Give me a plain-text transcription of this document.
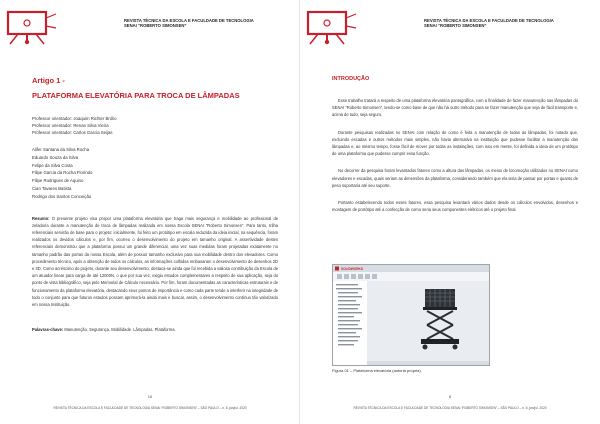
REVISTA TÉCNICA DA ESCOLA E FACULDADE DE TECNOLOGIA
SENAI “ROBERTO SIMONSEN”
Artigo 1 -
PLATAFORMA ELEVATÓRIA PARA TROCA DE LÂMPADAS
Professor orientador: Joaquim Richter Brólio
Professor orientador: Renan Silva Vieira
Professor orientador: Carlos Garcia Seijas
Alifer Santana da Silva Rocha
Eduardo Souza da Silva
Felipe da Silva Costa
Filipe Garcia da Rocha Florindo
Filipe Rodrigues de Aquino
Cian Tavares Batista
Rodrigo dos Santos Conceição
Resumo: O presente projeto visa propor uma plataforma elevatória que traga mais segurança e mobilidade ao profissional de zeladoria durante a manutenção de troca de lâmpadas realizada em nossa Escola SENAI “Roberto Simonsen”. Para tanto, trilha referenciais servirão de base para o projeto: inicialmente, foi feito um protótipo em escala reduzida da ideia inicial, na sequência, foram realizados os devidos cálculos e, por fim, ocorreu o desenvolvimento do projeto em tamanho original. A assertividade destes referenciais demonstrou que a plataforma possui um grande diferencial, uma vez suas medidas foram projetadas exatamente no tamanho padrão das portas da nossa Escola, além de possuir tamanho exclusivo para sua mobilidade dentro dos elevadores. Como procedimento técnico, após a obtenção de todos os cálculos, as informações colhidas embasaram o desenvolvimento de desenhos 2D e 3D. Como acréscimo do projeto, durante seu desenvolvimento, destaca-se ainda que foi recebida a valiosa contribuição da Escola de um atuador linear para carga de até 12000N, o que por sua vez, exigiu estudos complementares a respeito de sua aplicação, seja do ponto de vista bibliográfico, seja pelo Memorial de Cálculo necessário. Por fim, foram documentadas as características estruturais e de funcionamento da plataforma elevatória, destacando seus pontos de importância e como cada parte tende a interferir na integridade de todo o conjunto para que futuros estudos possam aprimorá-la ainda mais e buscar, assim, o desenvolvimento contínuo tão valorizado em nossa Instituição.
Palavras-chave: Manutenção. Segurança. Mobilidade. Lâmpadas. Plataforma.
16
REVISTA TÉCNICA DA ESCOLA E FACULDADE DE TECNOLOGIA SENAI “ROBERTO SIMONSEN” – SÃO PAULO – n. 6, jan/jul. 2020
REVISTA TÉCNICA DA ESCOLA E FACULDADE DE TECNOLOGIA
SENAI “ROBERTO SIMONSEN”
INTRODUÇÃO

Esse trabalho tratará a respeito de uma plataforma elevatória pantográfica, com a finalidade de fazer manutenção nas lâmpadas do SENAI “Roberto Simonsen”, tendo-se como base de que não há outro método para se fazer manutenção que seja de fácil transporte e, acima de tudo, seja seguro.

Durante pesquisas realizadas no SENAI com relação de como é feita a manutenção de todas as lâmpadas, foi notado que, excluindo escadas e outros métodos mais simples, não havia alternativa na instituição que pudesse facilitar a manutenção das lâmpadas e, ao mesmo tempo, fosse fácil de mover por todas as instalações, com isso em mente, foi definida a ideia de um protótipo de uma plataforma que pudesse cumprir essa função.

No decorrer da pesquisa foram levantados fatores como a altura das lâmpadas, os meios de locomoção utilizados no SENAI como elevadores e escadas, quais seriam as dimensões da plataforma, considerando também que ela teria de passar por portas e quanto de peso suportaria até seu suporte.

Portanto estabelecendo todos esses fatores, essa pesquisa levantará vários dados desde os cálculos envolvidos, desenhos e montagem de protótipo até a confecção de como seria seus componentes elétricos até o projeto final.

8
REVISTA TÉCNICA DA ESCOLA E FACULDADE DE TECNOLOGIA SENAI “ROBERTO SIMONSEN” – SÃO PAULO – n. 6, jan/jul. 2020
SOLIDWORKS
Figura 01 – Plataforma elevatória (autoria própria).
